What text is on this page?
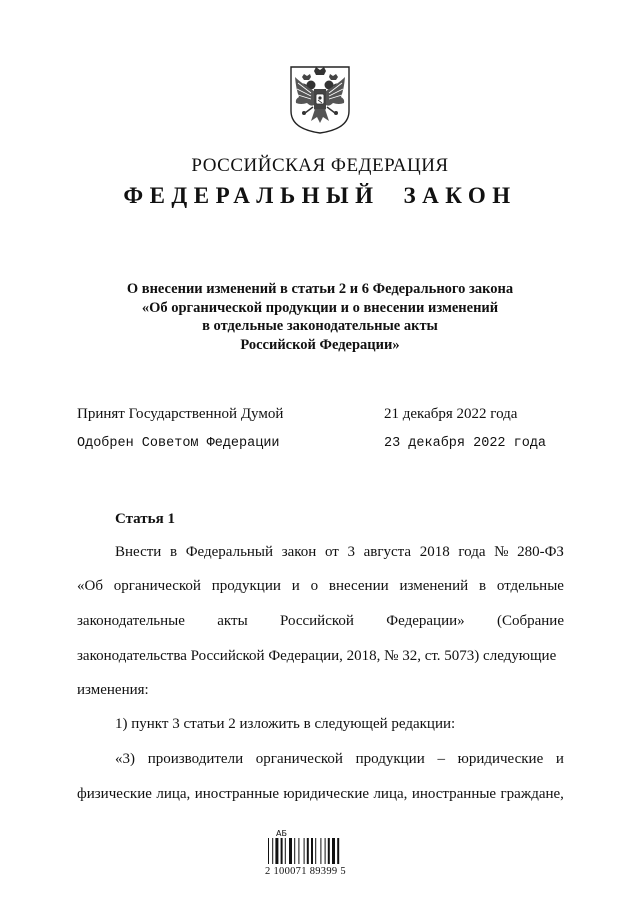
РОССИЙСКАЯ ФЕДЕРАЦИЯ
ФЕДЕРАЛЬНЫЙ ЗАКОН
О внесении изменений в статьи 2 и 6 Федерального закона
«Об органической продукции и о внесении изменений
в отдельные законодательные акты
Российской Федерации»
Принят Государственной Думой	21 декабря 2022 года
Одобрен Советом Федерации	23 декабря 2022 года
Статья 1
Внести в Федеральный закон от 3 августа 2018 года № 280-ФЗ
«Об органической продукции и о внесении изменений в отдельные
законодательные акты Российской Федерации» (Собрание
законодательства Российской Федерации, 2018, № 32, ст. 5073) следующие
изменения:
1) пункт 3 статьи 2 изложить в следующей редакции:
«3) производители органической продукции – юридические и
физические лица, иностранные юридические лица, иностранные граждане,
АБ
2 100071 89399 5
